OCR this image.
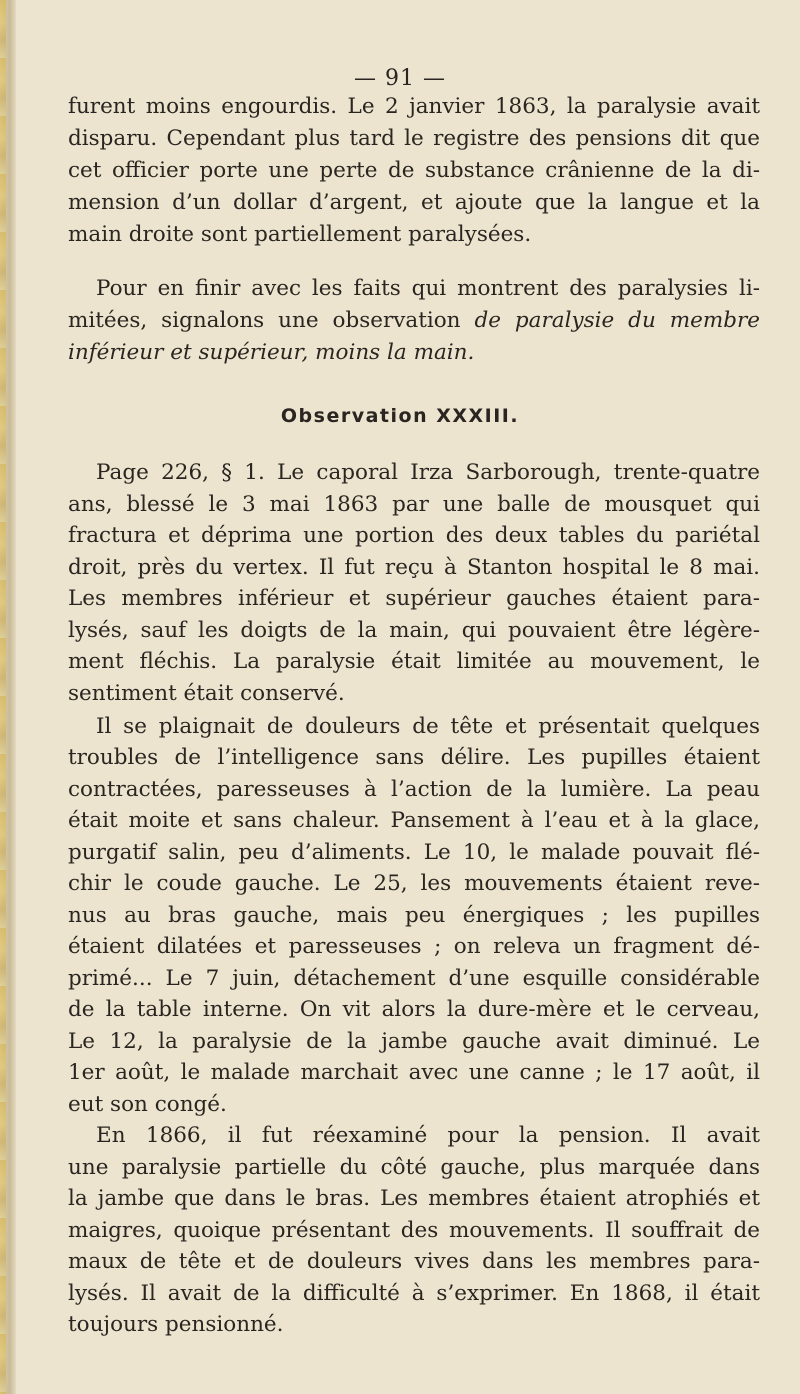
— 91 —
furent moins engourdis. Le 2 janvier 1863, la paralysie avait
disparu. Cependant plus tard le registre des pensions dit que
cet officier porte une perte de substance crânienne de la di-
mension d’un dollar d’argent, et ajoute que la langue et la
main droite sont partiellement paralysées.
Pour en finir avec les faits qui montrent des paralysies li-
mitées, signalons une observation de paralysie du membre
inférieur et supérieur, moins la main.
Observation XXXIII.
Page 226, § 1. Le caporal Irza Sarborough, trente-quatre
ans, blessé le 3 mai 1863 par une balle de mousquet qui
fractura et déprima une portion des deux tables du pariétal
droit, près du vertex. Il fut reçu à Stanton hospital le 8 mai.
Les membres inférieur et supérieur gauches étaient para-
lysés, sauf les doigts de la main, qui pouvaient être légère-
ment fléchis. La paralysie était limitée au mouvement, le
sentiment était conservé.
Il se plaignait de douleurs de tête et présentait quelques
troubles de l’intelligence sans délire. Les pupilles étaient
contractées, paresseuses à l’action de la lumière. La peau
était moite et sans chaleur. Pansement à l’eau et à la glace,
purgatif salin, peu d’aliments. Le 10, le malade pouvait flé-
chir le coude gauche. Le 25, les mouvements étaient reve-
nus au bras gauche, mais peu énergiques ; les pupilles
étaient dilatées et paresseuses ; on releva un fragment dé-
primé... Le 7 juin, détachement d’une esquille considérable
de la table interne. On vit alors la dure-mère et le cerveau,
Le 12, la paralysie de la jambe gauche avait diminué. Le
1er août, le malade marchait avec une canne ; le 17 août, il
eut son congé.
En 1866, il fut réexaminé pour la pension. Il avait
une paralysie partielle du côté gauche, plus marquée dans
la jambe que dans le bras. Les membres étaient atrophiés et
maigres, quoique présentant des mouvements. Il souffrait de
maux de tête et de douleurs vives dans les membres para-
lysés. Il avait de la difficulté à s’exprimer. En 1868, il était
toujours pensionné.
